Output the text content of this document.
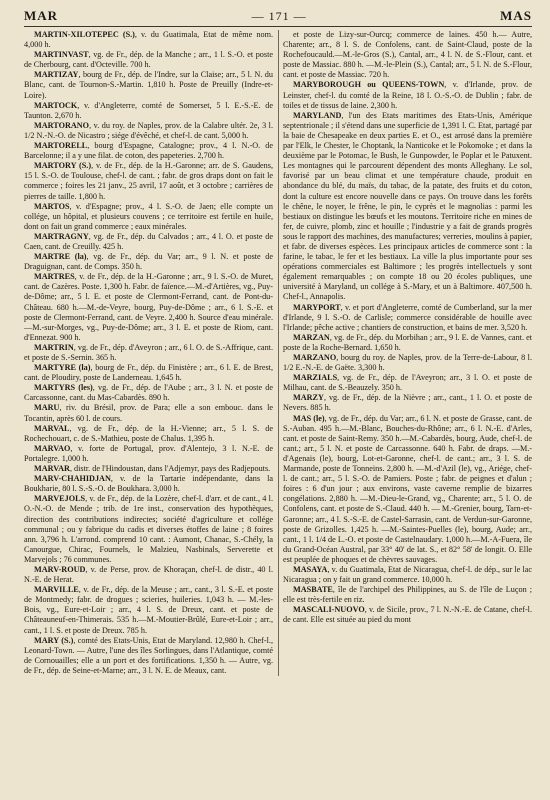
MAR	— 171 —	MAS

MARTIN-XILOTEPEC (S.), v. du Guatimala, Etat de même nom. 4,000 h.

MARTINVAST, vg. de Fr., dép. de la Manche ; arr., 1 l. S.-O. et poste de Cherbourg, cant. d'Octeville. 700 h.

MARTIZAY, bourg de Fr., dép. de l'Indre, sur la Claise; arr., 5 l. N. du Blanc, cant. de Tournon-S.-Martin. 1,810 h. Poste de Preuilly (Indre-et-Loire).

MARTOCK, v. d'Angleterre, comté de Somerset, 5 l. E.-S.-E. de Taunton. 2,670 h.

MARTORANO, v. du roy. de Naples, prov. de la Calabre ultér. 2e, 3 l. 1/2 N.-N.-O. de Nicastro ; siége d'évêché, et chef-l. de cant. 5,000 h.

MARTORELL, bourg d'Espagne, Catalogne; prov., 4 l. N.-O. de Barcelonne; il a y une filat. de coton, des papeteries. 2,700 h.

MARTORY (S.), v. de Fr., dép. de la H.-Garonne; arr. de S. Gaudens, 15 l. S.-O. de Toulouse, chef-l. de cant. ; fabr. de gros draps dont on fait le commerce ; foires les 21 janv., 25 avril, 17 août, et 3 octobre ; carrières de pierres de taille. 1,800 h.

MARTOS, v. d'Espagne; prov., 4 l. S.-O. de Jaen; elle compte un collége, un hôpital, et plusieurs couvens ; ce territoire est fertile en huile, dont on fait un grand commerce ; eaux minérales.

MARTRAGNY, vg. de Fr., dép. du Calvados ; arr., 4 l. O. et poste de Caen, cant. de Creuilly. 425 h.

MARTRE (la), vg. de Fr., dép. du Var; arr., 9 l. N. et poste de Draguignan, cant. de Comps. 350 h.

MARTRES, v. de Fr., dép. de la H.-Garonne ; arr., 9 l. S.-O. de Muret, cant. de Cazères. Poste. 1,300 h. Fabr. de faïence.—M.-d'Artières, vg., Puy-de-Dôme; arr., 5 l. E. et poste de Clermont-Ferrand, cant. de Pont-du-Château. 680 h.—M.-de-Veyre, bourg, Puy-de-Dôme ; arr., 6 l. S.-E. et poste de Clermont-Ferrand, cant. de Veyre. 2,400 h. Source d'eau minérale.—M.-sur-Morges, vg., Puy-de-Dôme; arr., 3 l. E. et poste de Riom, cant. d'Ennezat. 900 h.

MARTRIN, vg. de Fr., dép. d'Aveyron ; arr., 6 l. O. de S.-Affrique, cant. et poste de S.-Sernin. 365 h.

MARTYRE (la), bourg de Fr., dép. du Finistère ; arr., 6 l. E. de Brest, cant. de Ploudiry, poste de Landerneau. 1,645 h.

MARTYRS (les), vg. de Fr., dép. de l'Aube ; arr., 3 l. N. et poste de Carcassonne, cant. du Mas-Cabardès. 890 h.

MARU, riv. du Brésil, prov. de Para; elle a son embouc. dans le Tocantin, après 60 l. de cours.

MARVAL, vg. de Fr., dép. de la H.-Vienne; arr., 5 l. S. de Rochechouart, c. de S.-Mathieu, poste de Chalus. 1,395 h.

MARVAO, v. forte de Portugal, prov. d'Alentejo, 3 l. N.-E. de Portalegre. 1,000 h.

MARVAR, distr. de l'Hindoustan, dans l'Adjemyr, pays des Radjepouts.

MARV-CHAHIDJAN, v. de la Tartarie indépendante, dans la Boukharie, 80 l. S.-S.-O. de Boukhara. 3,000 h.

MARVEJOLS, v. de Fr., dép. de la Lozère, chef-l. d'arr. et de cant., 4 l. O.-N.-O. de Mende ; trib. de 1re inst., conservation des hypothèques, direction des contributions indirectes; société d'agriculture et collége communal ; ou y fabrique du cadis et diverses étoffes de laine ; 8 foires ann. 3,796 h. L'arrond. comprend 10 cant. : Aumont, Chanac, S.-Chély, la Canourgue, Chirac, Fournels, le Malzieu, Nasbinals, Serverette et Marvejols ; 76 communes.

MARV-ROUD, v. de Perse, prov. de Khoraçan, chef-l. de distr., 40 l. N.-E. de Herat.

MARVILLE, v. de Fr., dép. de la Meuse ; arr., cant., 3 l. S.-E. et poste de Montmedy; fabr. de drogues ; scieries, huileries. 1,043 h. — M.-les-Bois, vg., Eure-et-Loir ; arr., 4 l. S. de Dreux, cant. et poste de Châteauneuf-en-Thimerais. 535 h.—M.-Moutier-Brûlé, Eure-et-Loir ; arr., cant., 1 l. S. et poste de Dreux. 785 h.

MARY (S.), comté des Etats-Unis, Etat de Maryland. 12,980 h. Chef-l., Leonard-Town. — Autre, l'une des îles Sorlingues, dans l'Atlantique, comté de Cornouailles; elle a un port et des fortifications. 1,350 h. — Autre, vg. de Fr., dép. de Seine-et-Marne; arr., 3 l. N. E. de Meaux, cant.

et poste de Lizy-sur-Ourcq; commerce de laines. 450 h.— Autre, Charente; arr., 8 l. S. de Confolens, cant. de Saint-Claud, poste de la Rochefoucauld.—M.-le-Gros (S.), Cantal, arr., 4 l. N. de S.-Flour, cant. et poste de Massiac. 880 h. —M.-le-Plein (S.), Cantal; arr., 5 l. N. de S.-Flour, cant. et poste de Massiac. 720 h.

MARYBOROUGH ou QUEENS-TOWN, v. d'Irlande, prov. de Leinster, chef-l. du comté de la Reine, 18 l. O.-S.-O. de Dublin ; fabr. de toiles et de tissus de laine. 2,300 h.

MARYLAND, l'un des Etats maritimes des Etats-Unis, Amérique septentrionale ; il s'étend dans une superficie de 1,391 l. C. Etat, partagé par la baie de Chesapeake en deux parties E. et O., est arrosé dans la première par l'Elk, le Chester, le Choptank, la Nanticoke et le Pokomoke ; et dans la deuxième par le Potomac, le Bush, le Gunpowder, le Poplar et le Patuxent. Les montagnes qui le parcourent dépendent des monts Alleghany. Le sol, favorisé par un beau climat et une température chaude, produit en abondance du blé, du maïs, du tabac, de la patate, des fruits et du coton, dont la culture est encore nouvelle dans ce pays. On trouve dans les forêts le chêne, le noyer, le frêne, le pin, le cyprès et le magnolias : parmi les bestiaux on distingue les bœufs et les moutons. Territoire riche en mines de fer, de cuivre, plomb, zinc et houille ; l'industrie y a fait de grands progrès sous le rapport des machines, des manufactures; verreries, moulins à papier, et fabr. de diverses espèces. Les principaux articles de commerce sont : la farine, le tabac, le fer et les bestiaux. La ville la plus importante pour ses opérations commerciales est Baltimore ; les progrès intellectuels y sont également remarquables ; on compte 18 ou 20 écoles publiques, une université à Maryland, un collége à S.-Mary, et un à Baltimore. 407,500 h. Chef-l., Annapolis.

MARYPORT, v. et port d'Angleterre, comté de Cumberland, sur la mer d'Irlande, 9 l. S.-O. de Carlisle; commerce considérable de houille avec l'Irlande; pêche active ; chantiers de construction, et bains de mer. 3,520 h.

MARZAN, vg. de Fr., dép. du Morbihan ; arr., 9 l. E. de Vannes, cant. et poste de la Roche-Bernard. 1,650 h.

MARZANO, bourg du roy. de Naples, prov. de la Terre-de-Labour, 8 l. 1/2 E.-N.-E. de Gaëte. 3,300 h.

MARZIALS, vg. de Fr., dép. de l'Aveyron; arr., 3 l. O. et poste de Milhau, cant. de S.-Beauzely. 350 h.

MARZY, vg. de Fr., dép. de la Nièvre ; arr., cant., 1 l. O. et poste de Nevers. 885 h.

MAS (le), vg. de Fr., dép. du Var; arr., 6 l. N. et poste de Grasse, cant. de S.-Auban. 495 h.—M.-Blanc, Bouches-du-Rhône; arr., 6 l. N.-E. d'Arles, cant. et poste de Saint-Remy. 350 h.—M.-Cabardès, bourg, Aude, chef-l. de cant.; arr., 5 l. N. et poste de Carcassonne. 640 h. Fabr. de draps. —M.-d'Agenais (le), bourg, Lot-et-Garonne, chef-l. de cant.; arr., 3 l. S. de Marmande, poste de Tonneins. 2,800 h. —M.-d'Azil (le), vg., Ariége, chef-l. de cant.; arr., 5 l. S.-O. de Pamiers. Poste ; fabr. de peignes et d'alun ; foires : 6 d'un jour ; aux environs, vaste caverne remplie de bizarres congélations. 2,880 h. —M.-Dieu-le-Grand, vg., Charente; arr., 5 l. O. de Confolens, cant. et poste de S.-Claud. 440 h. — M.-Grenier, bourg, Tarn-et-Garonne; arr., 4 l. S.-S.-E. de Castel-Sarrasin, cant. de Verdun-sur-Garonne, poste de Grizolles. 1,425 h. —M.-Saintes-Puelles (le), bourg, Aude; arr., cant., 1 l. 1/4 de L.-O. et poste de Castelnaudary. 1,000 h.—M.-A-Fuera, île du Grand-Océan Austral, par 33° 40' de lat. S., et 82° 58' de longit. O. Elle est peuplée de phoques et de chèvres sauvages.

MASAYA, v. du Guatimala, Etat de Nicaragua, chef-l. de dép., sur le lac Nicaragua ; on y fait un grand commerce. 10,000 h.

MASBATE, île de l'archipel des Philippines, au S. de l'île de Luçon ; elle est très-fertile en riz.

MASCALI-NUOVO, v. de Sicile, prov., 7 l. N.-N.-E. de Catane, chef-l. de cant. Elle est située au pied du mont
